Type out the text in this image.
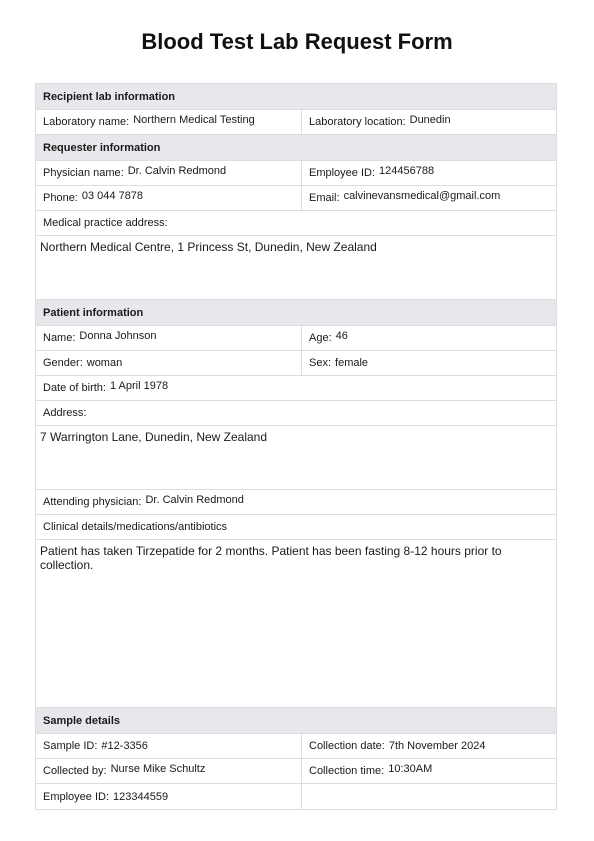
Blood Test Lab Request Form
Recipient lab information
Laboratory name: Northern Medical Testing	Laboratory location: Dunedin
Requester information
Physician name: Dr. Calvin Redmond	Employee ID: 124456788
Phone: 03 044 7878	Email: calvinevansmedical@gmail.com
Medical practice address:
Northern Medical Centre, 1 Princess St, Dunedin, New Zealand
Patient information
Name: Donna Johnson	Age: 46
Gender: woman	Sex: female
Date of birth: 1 April 1978
Address:
7 Warrington Lane, Dunedin, New Zealand
Attending physician: Dr. Calvin Redmond
Clinical details/medications/antibiotics
Patient has taken Tirzepatide for 2 months. Patient has been fasting 8-12 hours prior to collection.
Sample details
Sample ID: #12-3356	Collection date: 7th November 2024
Collected by: Nurse Mike Schultz	Collection time: 10:30AM
Employee ID: 123344559
